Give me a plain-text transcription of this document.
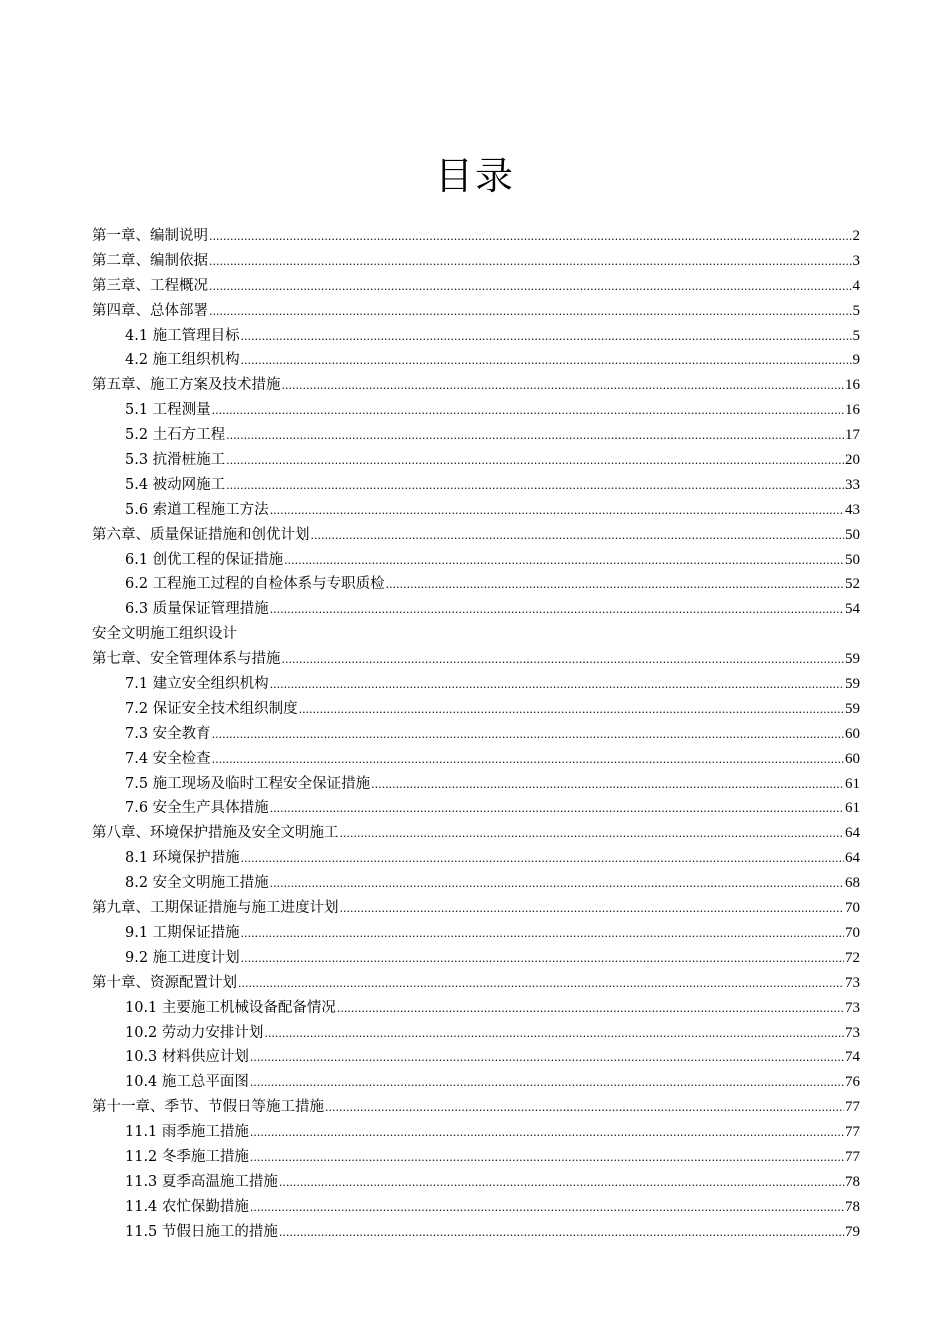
目录
第一章、编制说明 .....	2
第二章、编制依据 .....	3
第三章、工程概况 .....	4
第四章、总体部署 .....	5
4.1 施工管理目标 .....	5
4.2 施工组织机构 .....	9
第五章、施工方案及技术措施 .....	16
5.1 工程测量 .....	16
5.2 土石方工程 .....	17
5.3 抗滑桩施工 .....	20
5.4 被动网施工 .....	33
5.6 索道工程施工方法 .....	43
第六章、质量保证措施和创优计划 .....	50
6.1 创优工程的保证措施 .....	50
6.2 工程施工过程的自检体系与专职质检 .....	52
6.3 质量保证管理措施 .....	54
安全文明施工组织设计
第七章、安全管理体系与措施 .....	59
7.1 建立安全组织机构 .....	59
7.2 保证安全技术组织制度 .....	59
7.3 安全教育 .....	60
7.4 安全检查 .....	60
7.5 施工现场及临时工程安全保证措施 .....	61
7.6 安全生产具体措施 .....	61
第八章、环境保护措施及安全文明施工 .....	64
8.1 环境保护措施 .....	64
8.2 安全文明施工措施 .....	68
第九章、工期保证措施与施工进度计划 .....	70
9.1 工期保证措施 .....	70
9.2 施工进度计划 .....	72
第十章、资源配置计划 .....	73
10.1 主要施工机械设备配备情况 .....	73
10.2 劳动力安排计划 .....	73
10.3 材料供应计划 .....	74
10.4 施工总平面图 .....	76
第十一章、季节、节假日等施工措施 .....	77
11.1 雨季施工措施 .....	77
11.2 冬季施工措施 .....	77
11.3 夏季高温施工措施 .....	78
11.4 农忙保勤措施 .....	78
11.5 节假日施工的措施 .....	79
